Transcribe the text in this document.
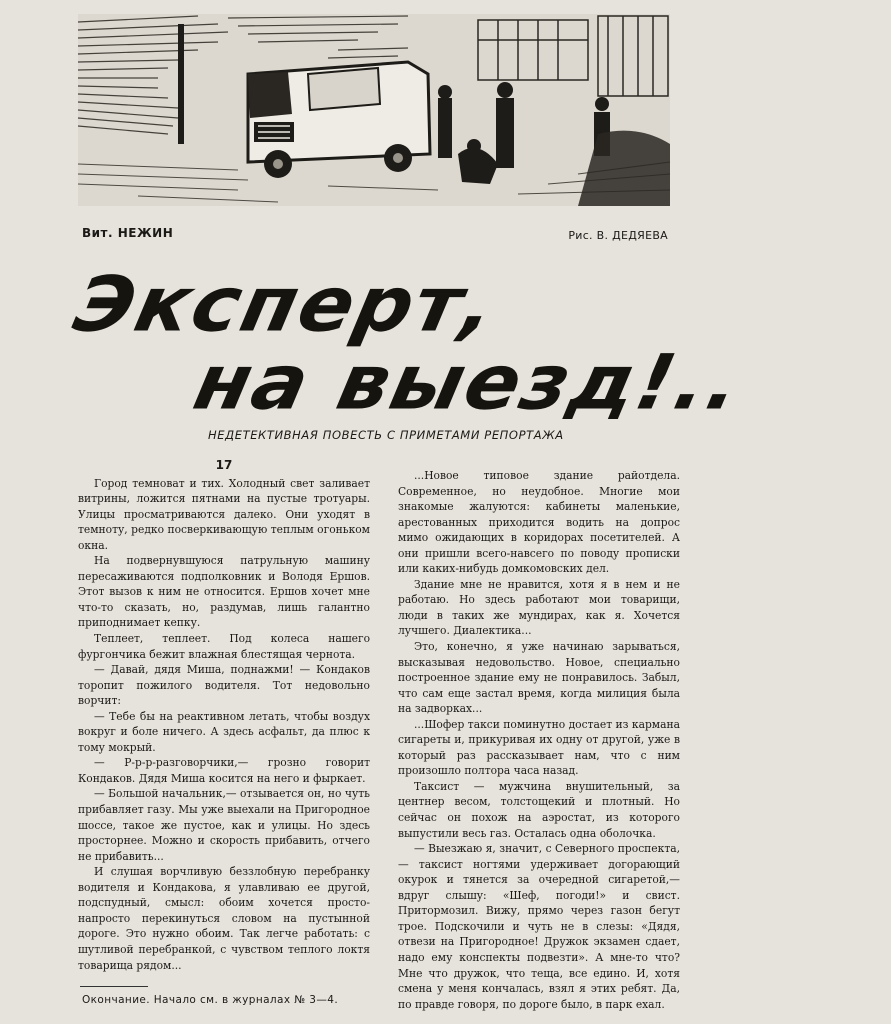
Вит. НЕЖИН	Рис. В. ДЕДЯЕВА
Эксперт,
на выезд!..
НЕДЕТЕКТИВНАЯ ПОВЕСТЬ С ПРИМЕТАМИ РЕПОРТАЖА
17

Город темноват и тих. Холодный свет заливает витрины, ложится пятнами на пустые тротуары. Улицы просматриваются далеко. Они уходят в темноту, редко посверкивающую теплым огоньком окна.

На подвернувшуюся патрульную машину пересаживаются подполковник и Володя Ершов. Этот вызов к ним не относится. Ершов хочет мне что-то сказать, но, раздумав, лишь галантно приподнимает кепку.

Теплеет, теплеет. Под колеса нашего фургончика бежит влажная блестящая чернота.

— Давай, дядя Миша, поднажми! — Кондаков торопит пожилого водителя. Тот недовольно ворчит:

— Тебе бы на реактивном летать, чтобы воздух вокруг и боле ничего. А здесь асфальт, да плюс к тому мокрый.

— Р-р-р-разговорчики,— грозно говорит Кондаков. Дядя Миша косится на него и фыркает.

— Большой начальник,— отзывается он, но чуть прибавляет газу. Мы уже выехали на Пригородное шоссе, такое же пустое, как и улицы. Но здесь просторнее. Можно и скорость прибавить, отчего не прибавить...

И слушая ворчливую беззлобную перебранку водителя и Кондакова, я улавливаю ее другой, подспудный, смысл: обоим хочется просто-напросто перекинуться словом на пустынной дороге. Это нужно обоим. Так легче работать: с шутливой перебранкой, с чувством теплого локтя товарища рядом...

...Новое типовое здание райотдела. Современное, но неудобное. Многие мои знакомые жалуются: кабинеты маленькие, арестованных приходится водить на допрос мимо ожидающих в коридорах посетителей. А они пришли всего-навсего по поводу прописки или каких-нибудь домкомовских дел.

Здание мне не нравится, хотя я в нем и не работаю. Но здесь работают мои товарищи, люди в таких же мундирах, как я. Хочется лучшего. Диалектика...

Это, конечно, я уже начинаю зарываться, высказывая недовольство. Новое, специально построенное здание ему не понравилось. Забыл, что сам еще застал время, когда милиция была на задворках...

...Шофер такси поминутно достает из кармана сигареты и, прикуривая их одну от другой, уже в который раз рассказывает нам, что с ним произошло полтора часа назад.

Таксист — мужчина внушительный, за центнер весом, толстощекий и плотный. Но сейчас он похож на аэростат, из которого выпустили весь газ. Осталась одна оболочка.

— Выезжаю я, значит, с Северного проспекта,— таксист ногтями удерживает догорающий окурок и тянется за очередной сигаретой,— вдруг слышу: «Шеф, погоди!» и свист. Притормозил. Вижу, прямо через газон бегут трое. Подскочили и чуть не в слезы: «Дядя, отвези на Пригородное! Дружок экзамен сдает, надо ему конспекты подвезти». А мне-то что? Мне что дружок, что теща, все едино. И, хотя смена у меня кончалась, взял я этих ребят. Да, по правде говоря, по дороге было, в парк ехал.

Окончание. Начало см. в журналах № 3—4.
